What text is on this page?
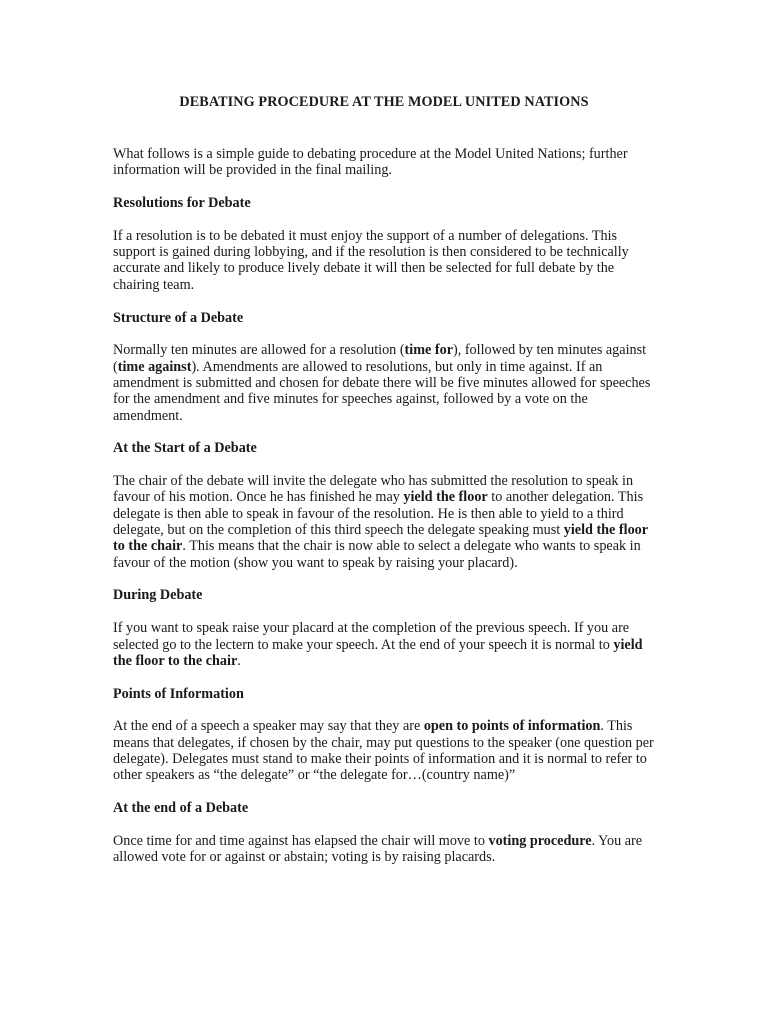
DEBATING PROCEDURE AT THE MODEL UNITED NATIONS

What follows is a simple guide to debating procedure at the Model United Nations; further information will be provided in the final mailing.

Resolutions for Debate

If a resolution is to be debated it must enjoy the support of a number of delegations. This support is gained during lobbying, and if the resolution is then considered to be technically accurate and likely to produce lively debate it will then be selected for full debate by the chairing team.

Structure of a Debate

Normally ten minutes are allowed for a resolution (time for), followed by ten minutes against (time against). Amendments are allowed to resolutions, but only in time against. If an amendment is submitted and chosen for debate there will be five minutes allowed for speeches for the amendment and five minutes for speeches against, followed by a vote on the amendment.

At the Start of a Debate

The chair of the debate will invite the delegate who has submitted the resolution to speak in favour of his motion. Once he has finished he may yield the floor to another delegation. This delegate is then able to speak in favour of the resolution. He is then able to yield to a third delegate, but on the completion of this third speech the delegate speaking must yield the floor to the chair. This means that the chair is now able to select a delegate who wants to speak in favour of the motion (show you want to speak by raising your placard).

During Debate

If you want to speak raise your placard at the completion of the previous speech. If you are selected go to the lectern to make your speech. At the end of your speech it is normal to yield the floor to the chair.

Points of Information

At the end of a speech a speaker may say that they are open to points of information. This means that delegates, if chosen by the chair, may put questions to the speaker (one question per delegate). Delegates must stand to make their points of information and it is normal to refer to other speakers as “the delegate” or “the delegate for…(country name)”

At the end of a Debate

Once time for and time against has elapsed the chair will move to voting procedure. You are allowed vote for or against or abstain; voting is by raising placards.
